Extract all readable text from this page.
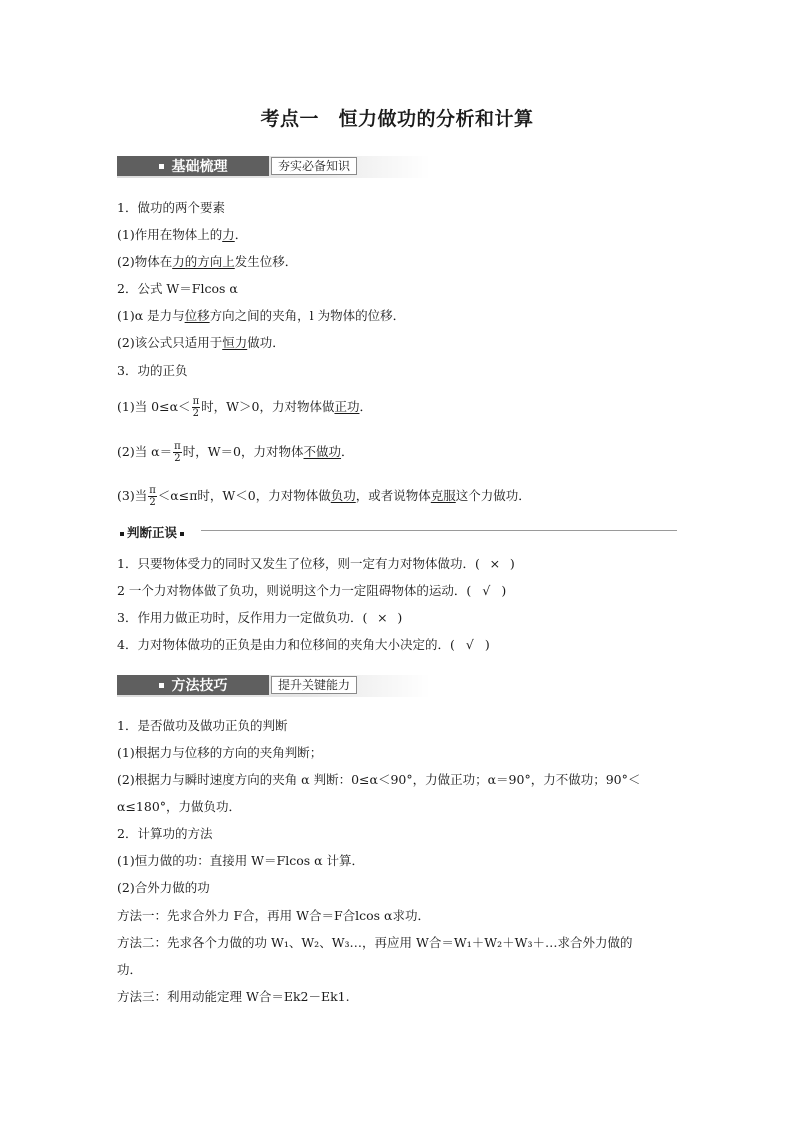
考点一　恒力做功的分析和计算
基础梳理	夯实必备知识
1．做功的两个要素
(1)作用在物体上的力．
(2)物体在力的方向上发生位移．
2．公式 W＝Flcos α
(1)α 是力与位移方向之间的夹角，l 为物体的位移．
(2)该公式只适用于恒力做功．
3．功的正负
(1)当 $0\le\alpha< \frac{\pi}{2}$ 时，W＞0，力对物体做正功．
(2)当 $\alpha= \frac{\pi}{2}$ 时，W＝0，力对物体不做功．
(3)当 $\frac{\pi}{2} <\alpha\le\pi$时，W＜0，力对物体做负功，或者说物体克服这个力做功．
判断正误
1．只要物体受力的同时又发生了位移，则一定有力对物体做功．( × )
2 一个力对物体做了负功，则说明这个力一定阻碍物体的运动．( √ )
3．作用力做正功时，反作用力一定做负功．( × )
4．力对物体做功的正负是由力和位移间的夹角大小决定的．( √ )
方法技巧	提升关键能力
1．是否做功及做功正负的判断
(1)根据力与位移的方向的夹角判断；
(2)根据力与瞬时速度方向的夹角 α 判断：0≤α＜90°，力做正功；α＝90°，力不做功；90°＜
α≤180°，力做负功．
2．计算功的方法
(1)恒力做的功：直接用 W＝Flcos α 计算．
(2)合外力做的功
方法一：先求合外力 F合，再用 W合＝F合lcos α求功．
方法二：先求各个力做的功 W₁、W₂、W₃…，再应用 W合＝W₁＋W₂＋W₃＋…求合外力做的
功．
方法三：利用动能定理 W合＝Ek2－Ek1.
